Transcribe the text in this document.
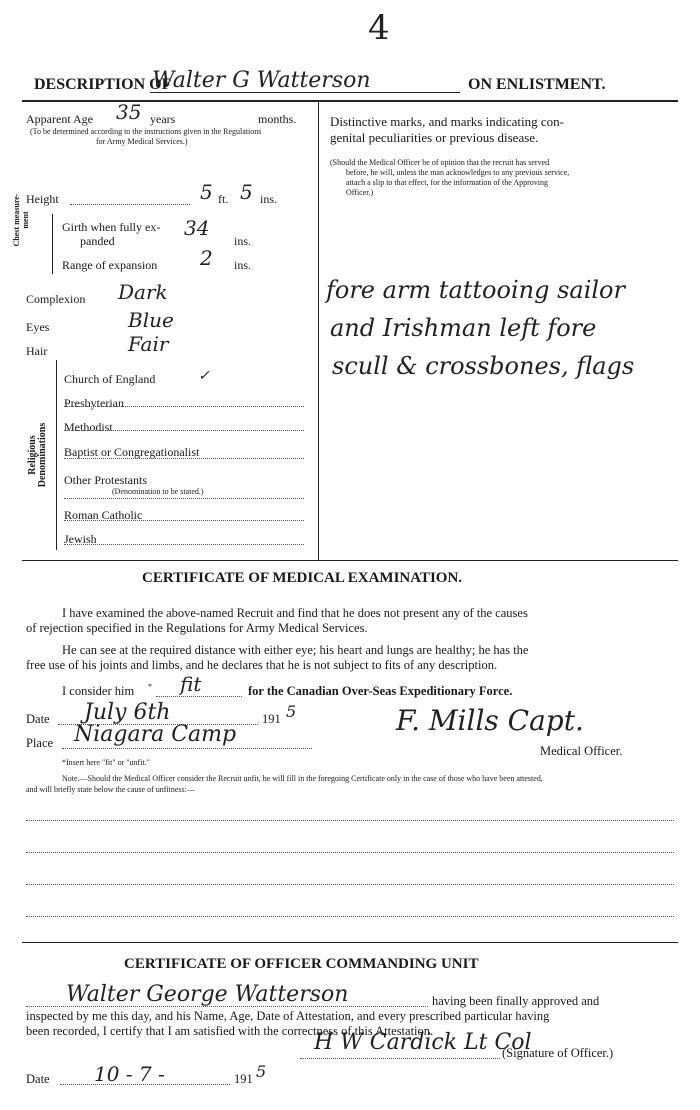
4
DESCRIPTION OF
Walter G Watterson	ON ENLISTMENT.
Apparent Age 35 years	months.
(To be determined according to the instructions given in the Regulations
for Army Medical Services.)
Height	5 ft. 5 ins.
Chest measure-ment	Girth when fully ex-
panded
34
ins.
Range of expansion 2 ins.
Complexion Dark
Eyes	Blue
Hair	Fair
Religious Denominations
Church of England	✓
Presbyterian
Methodist
Baptist or Congregationalist
Other Protestants
(Denomination to be stated.)
Roman Catholic
Jewish
Distinctive marks, and marks indicating con-
genital peculiarities or previous disease.
(Should the Medical Officer be of opinion that the recruit has served
before, he will, unless the man acknowledges to any previous service,
attach a slip to that effect, for the information of the Approving
Officer.)
fore arm tattooing sailor
and Irishman left fore
scull & crossbones, flags
CERTIFICATE OF MEDICAL EXAMINATION.
I have examined the above-named Recruit and find that he does not present any of the causes
of rejection specified in the Regulations for Army Medical Services.
He can see at the required distance with either eye; his heart and lungs are healthy; he has the
free use of his joints and limbs, and he declares that he is not subject to fits of any description.
I consider him * fit	for the Canadian Over-Seas Expeditionary Force.
Date July 6th	191 5
Place Niagara Camp	F. Mills Capt.
Medical Officer.
*Insert here "fit" or "unfit."
Note.—Should the Medical Officer consider the Recruit unfit, he will fill in the foregoing Certificate only in the case of those who have been attested,
and will briefly state below the cause of unfitness:—
CERTIFICATE OF OFFICER COMMANDING UNIT
Walter George Watterson	having been finally approved and
inspected by me this day, and his Name, Age, Date of Attestation, and every prescribed particular having
been recorded, I certify that I am satisfied with the correctness of this Attestation.
H W Cardick Lt Col
(Signature of Officer.)
Date 10 - 7 -	191 5
